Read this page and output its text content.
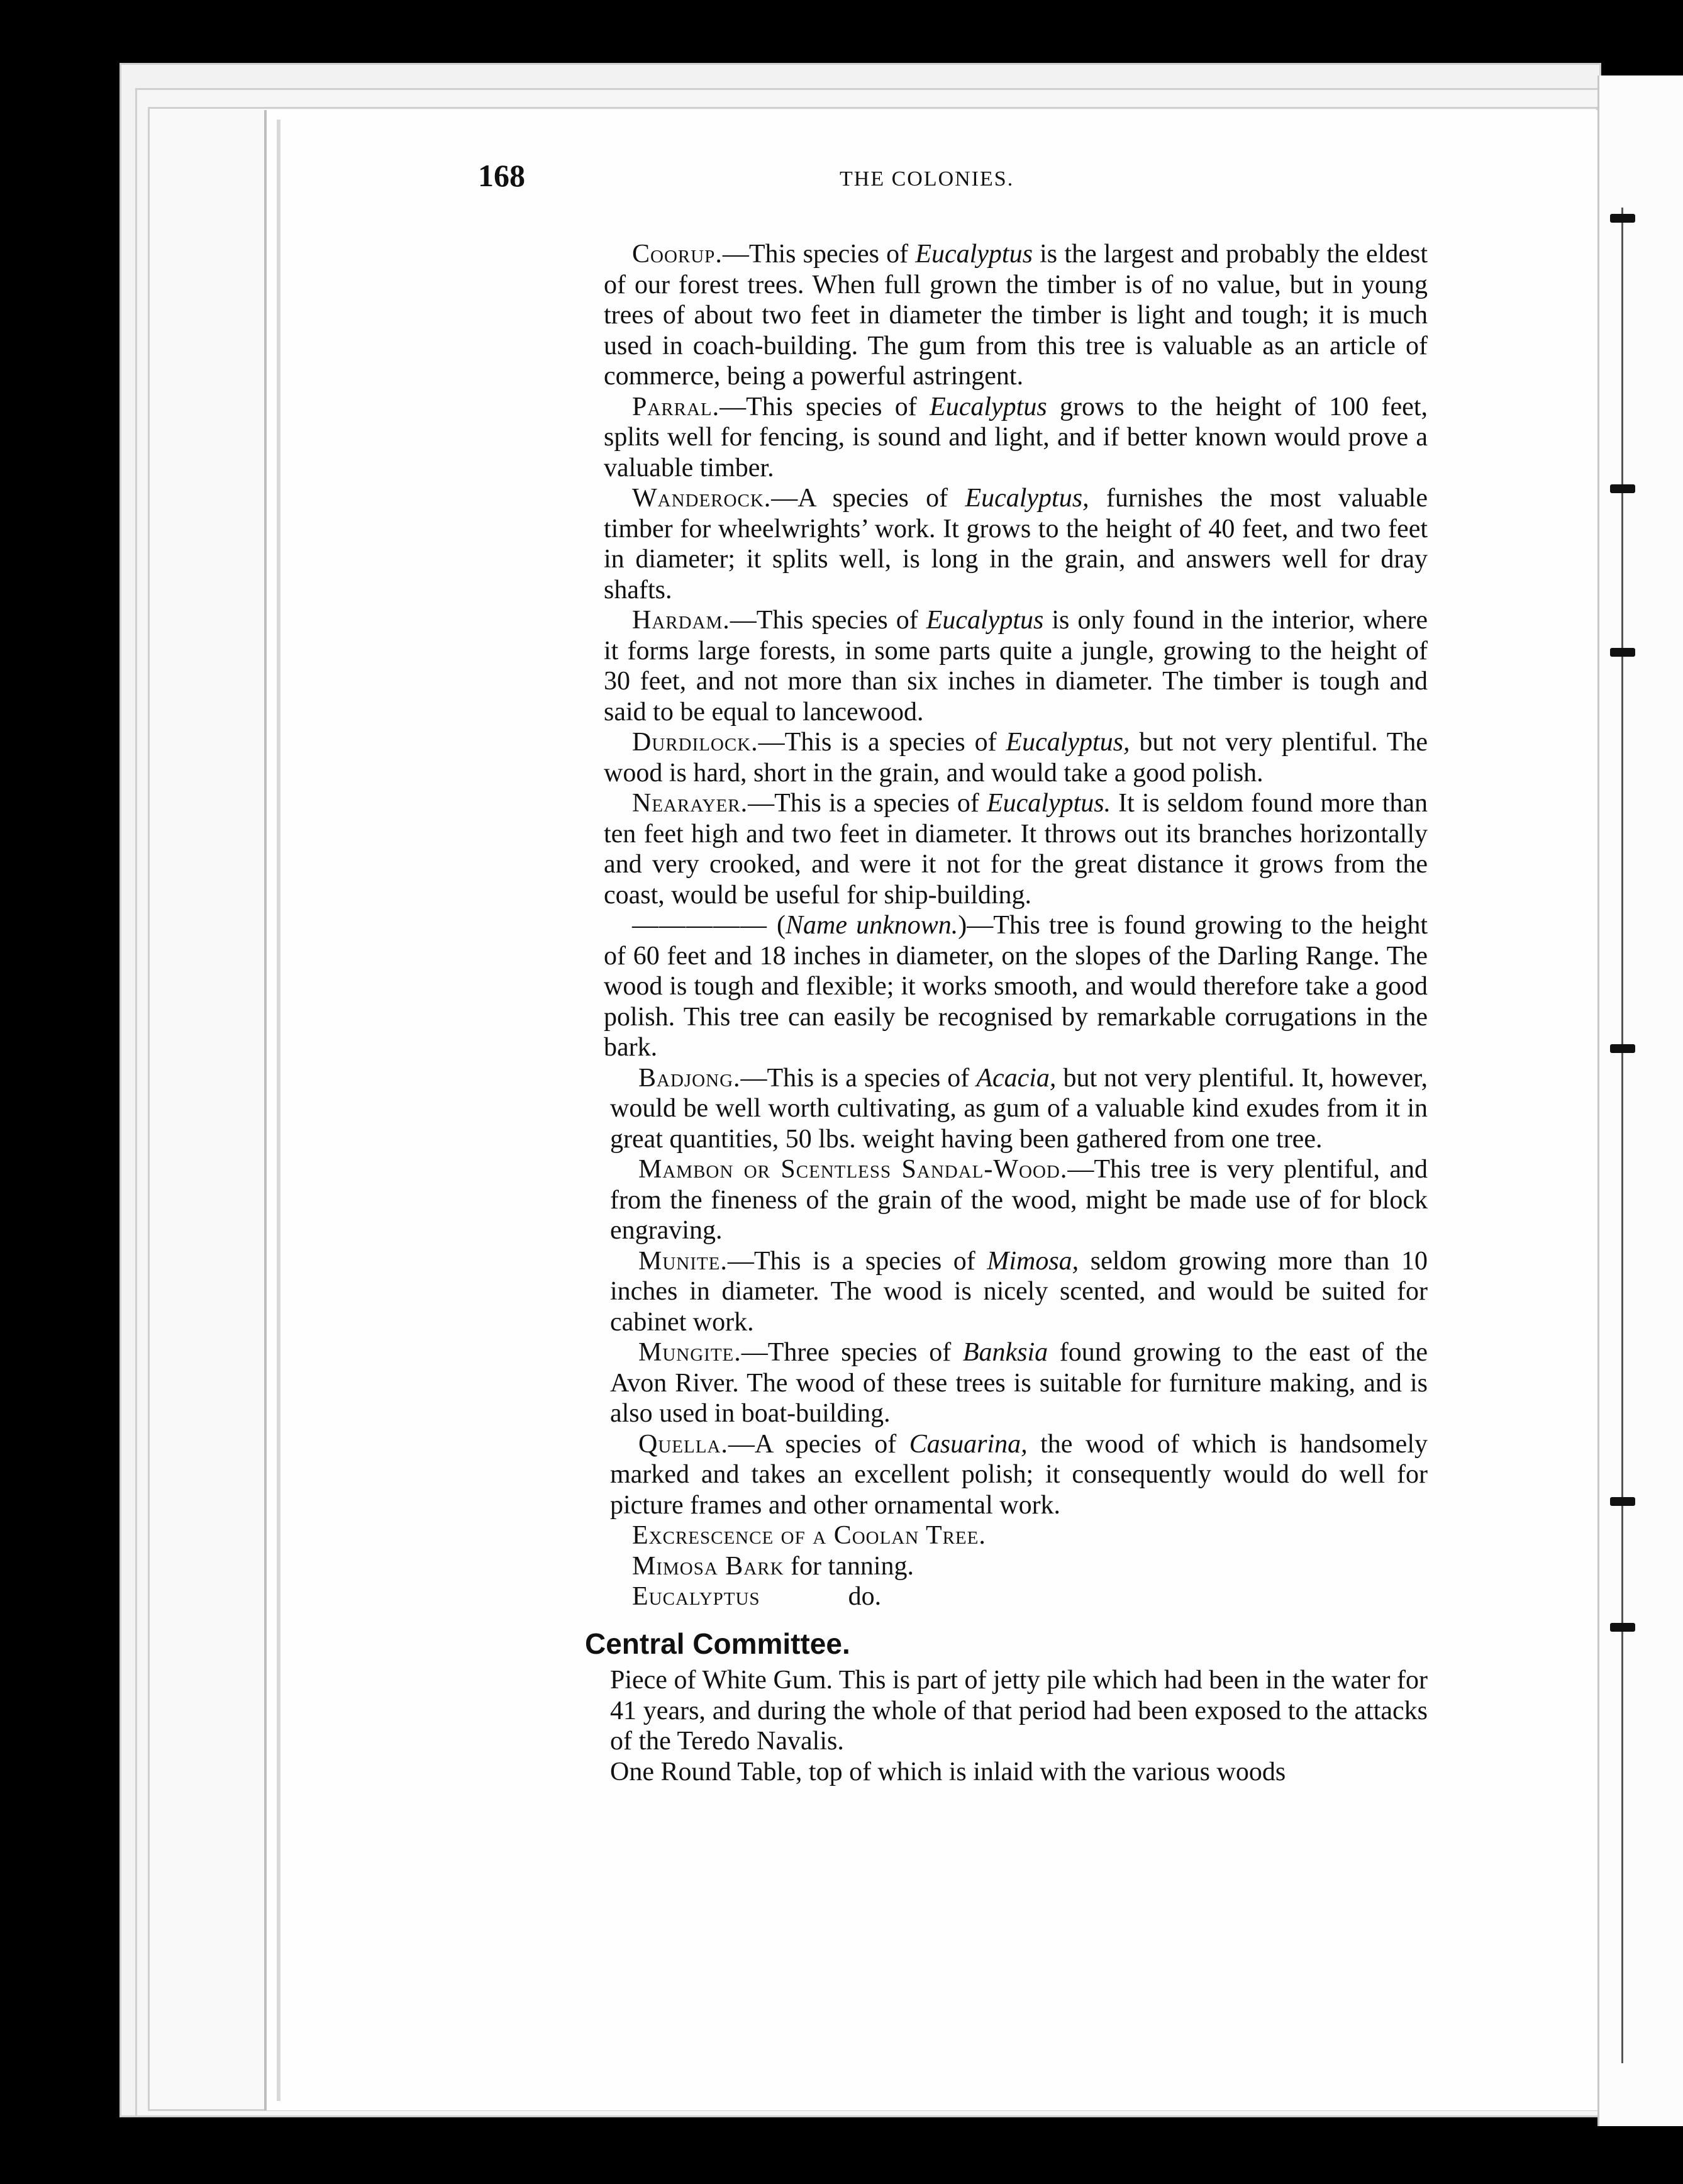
168	THE COLONIES.

Coorup.—This species of Eucalyptus is the largest and probably the eldest of our forest trees. When full grown the timber is of no value, but in young trees of about two feet in diameter the timber is light and tough; it is much used in coach-building. The gum from this tree is valuable as an article of commerce, being a powerful astringent.

Parral.—This species of Eucalyptus grows to the height of 100 feet, splits well for fencing, is sound and light, and if better known would prove a valuable timber.

Wanderock.—A species of Eucalyptus, furnishes the most valuable timber for wheelwrights’ work. It grows to the height of 40 feet, and two feet in diameter; it splits well, is long in the grain, and answers well for dray shafts.

Hardam.—This species of Eucalyptus is only found in the interior, where it forms large forests, in some parts quite a jungle, growing to the height of 30 feet, and not more than six inches in diameter. The timber is tough and said to be equal to lancewood.

Durdilock.—This is a species of Eucalyptus, but not very plentiful. The wood is hard, short in the grain, and would take a good polish.

Nearayer.—This is a species of Eucalyptus. It is seldom found more than ten feet high and two feet in diameter. It throws out its branches horizontally and very crooked, and were it not for the great distance it grows from the coast, would be useful for ship-building.

————— (Name unknown.)—This tree is found growing to the height of 60 feet and 18 inches in diameter, on the slopes of the Darling Range. The wood is tough and flexible; it works smooth, and would therefore take a good polish. This tree can easily be recognised by remarkable corrugations in the bark.

Badjong.—This is a species of Acacia, but not very plentiful. It, however, would be well worth cultivating, as gum of a valuable kind exudes from it in great quantities, 50 lbs. weight having been gathered from one tree.

Mambon or Scentless Sandal-Wood.—This tree is very plentiful, and from the fineness of the grain of the wood, might be made use of for block engraving.

Munite.—This is a species of Mimosa, seldom growing more than 10 inches in diameter. The wood is nicely scented, and would be suited for cabinet work.

Mungite.—Three species of Banksia found growing to the east of the Avon River. The wood of these trees is suitable for furniture making, and is also used in boat-building.

Quella.—A species of Casuarina, the wood of which is handsomely marked and takes an excellent polish; it consequently would do well for picture frames and other ornamental work.

Excrescence of a Coolan Tree.
Mimosa Bark for tanning.
Eucalyptus	do.
Central Committee.

Piece of White Gum. This is part of jetty pile which had been in the water for 41 years, and during the whole of that period had been exposed to the attacks of the Teredo Navalis.

One Round Table, top of which is inlaid with the various woods
